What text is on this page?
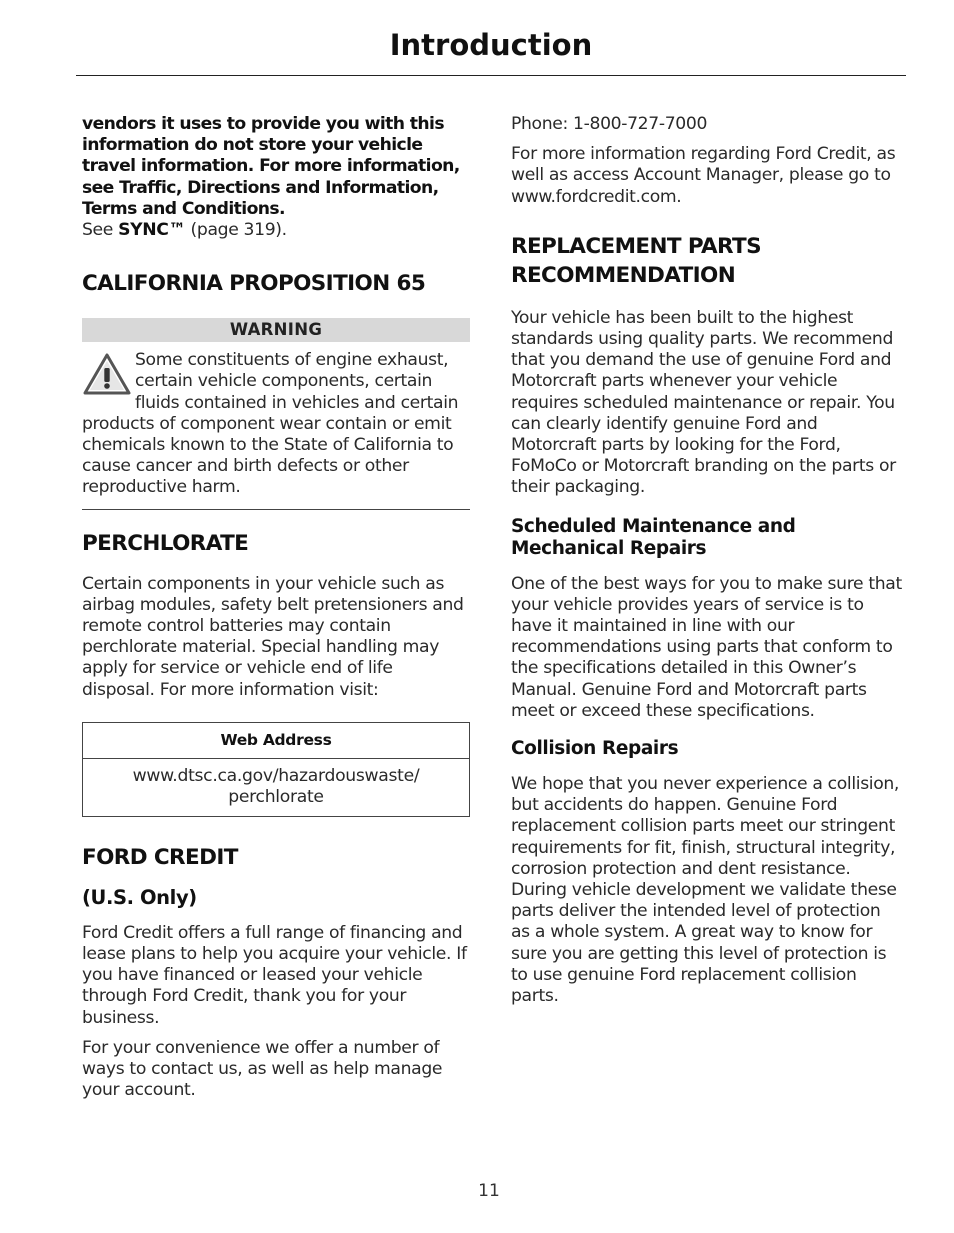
Introduction

vendors it uses to provide you with this information do not store your vehicle travel information. For more information, see Traffic, Directions and Information, Terms and Conditions.
See SYNC™ (page 319).

CALIFORNIA PROPOSITION 65
WARNING

Some constituents of engine exhaust, certain vehicle components, certain fluids contained in vehicles and certain products of component wear contain or emit chemicals known to the State of California to cause cancer and birth defects or other reproductive harm.

PERCHLORATE

Certain components in your vehicle such as airbag modules, safety belt pretensioners and remote control batteries may contain perchlorate material. Special handling may apply for service or vehicle end of life disposal. For more information visit:

Web Address
www.dtsc.ca.gov/hazardouswaste/ perchlorate
FORD CREDIT
(U.S. Only)

Ford Credit offers a full range of financing and lease plans to help you acquire your vehicle. If you have financed or leased your vehicle through Ford Credit, thank you for your business.

For your convenience we offer a number of ways to contact us, as well as help manage your account.

Phone: 1-800-727-7000

For more information regarding Ford Credit, as well as access Account Manager, please go to www.fordcredit.com.

REPLACEMENT PARTS RECOMMENDATION

Your vehicle has been built to the highest standards using quality parts. We recommend that you demand the use of genuine Ford and Motorcraft parts whenever your vehicle requires scheduled maintenance or repair. You can clearly identify genuine Ford and Motorcraft parts by looking for the Ford, FoMoCo or Motorcraft branding on the parts or their packaging.

Scheduled Maintenance and Mechanical Repairs

One of the best ways for you to make sure that your vehicle provides years of service is to have it maintained in line with our recommendations using parts that conform to the specifications detailed in this Owner’s Manual. Genuine Ford and Motorcraft parts meet or exceed these specifications.

Collision Repairs

We hope that you never experience a collision, but accidents do happen. Genuine Ford replacement collision parts meet our stringent requirements for fit, finish, structural integrity, corrosion protection and dent resistance. During vehicle development we validate these parts deliver the intended level of protection as a whole system. A great way to know for sure you are getting this level of protection is to use genuine Ford replacement collision parts.

11
